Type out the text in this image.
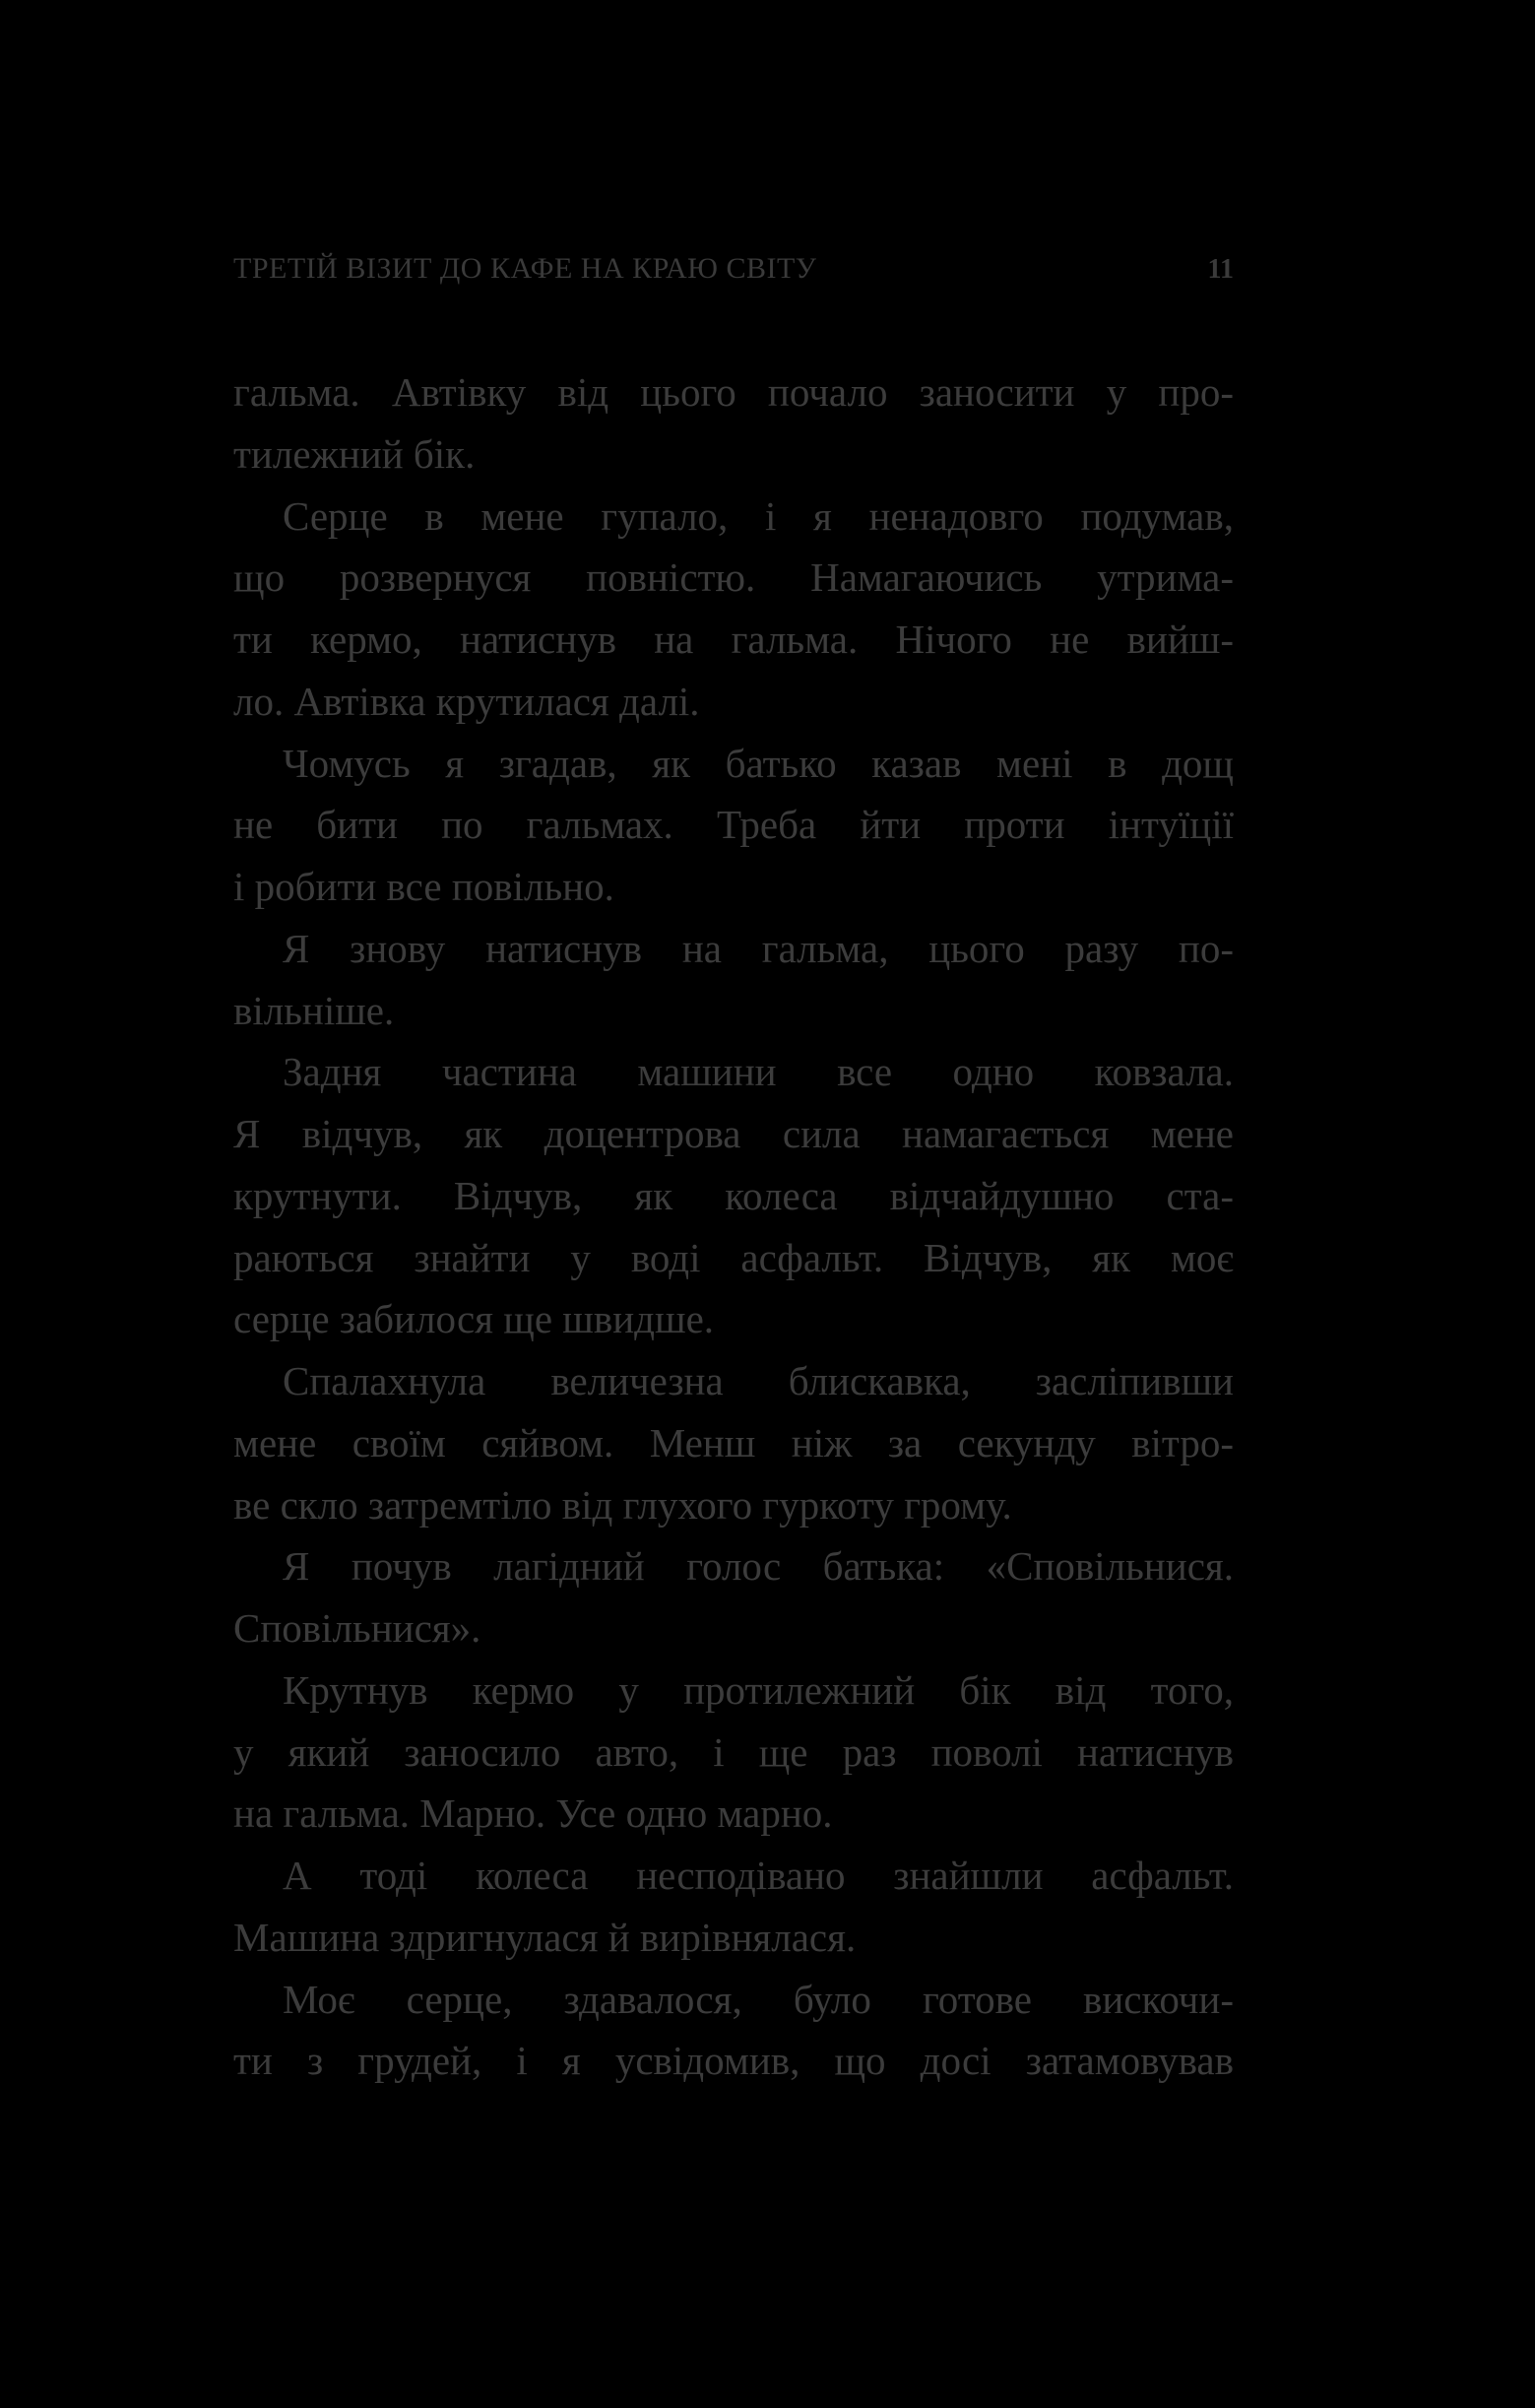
ТРЕТІЙ ВІЗИТ ДО КАФЕ НА КРАЮ СВІТУ	11
гальма. Автівку від цього почало заносити у про-
тилежний бік.
Серце в мене гупало, і я ненадовго подумав,
що розвернуся повністю. Намагаючись утрима-
ти кермо, натиснув на гальма. Нічого не вийш-
ло. Автівка крутилася далі.
Чомусь я згадав, як батько казав мені в дощ
не бити по гальмах. Треба йти проти інтуїції
і робити все повільно.
Я знову натиснув на гальма, цього разу по-
вільніше.
Задня частина машини все одно ковзала.
Я відчув, як доцентрова сила намагається мене
крутнути. Відчув, як колеса відчайдушно ста-
раються знайти у воді асфальт. Відчув, як моє
серце забилося ще швидше.
Спалахнула величезна блискавка, засліпивши
мене своїм сяйвом. Менш ніж за секунду вітро-
ве скло затремтіло від глухого гуркоту грому.
Я почув лагідний голос батька: «Сповільнися.
Сповільнися».
Крутнув кермо у протилежний бік від того,
у який заносило авто, і ще раз поволі натиснув
на гальма. Марно. Усе одно марно.
А тоді колеса несподівано знайшли асфальт.
Машина здригнулася й вирівнялася.
Моє серце, здавалося, було готове вискочи-
ти з грудей, і я усвідомив, що досі затамовував
